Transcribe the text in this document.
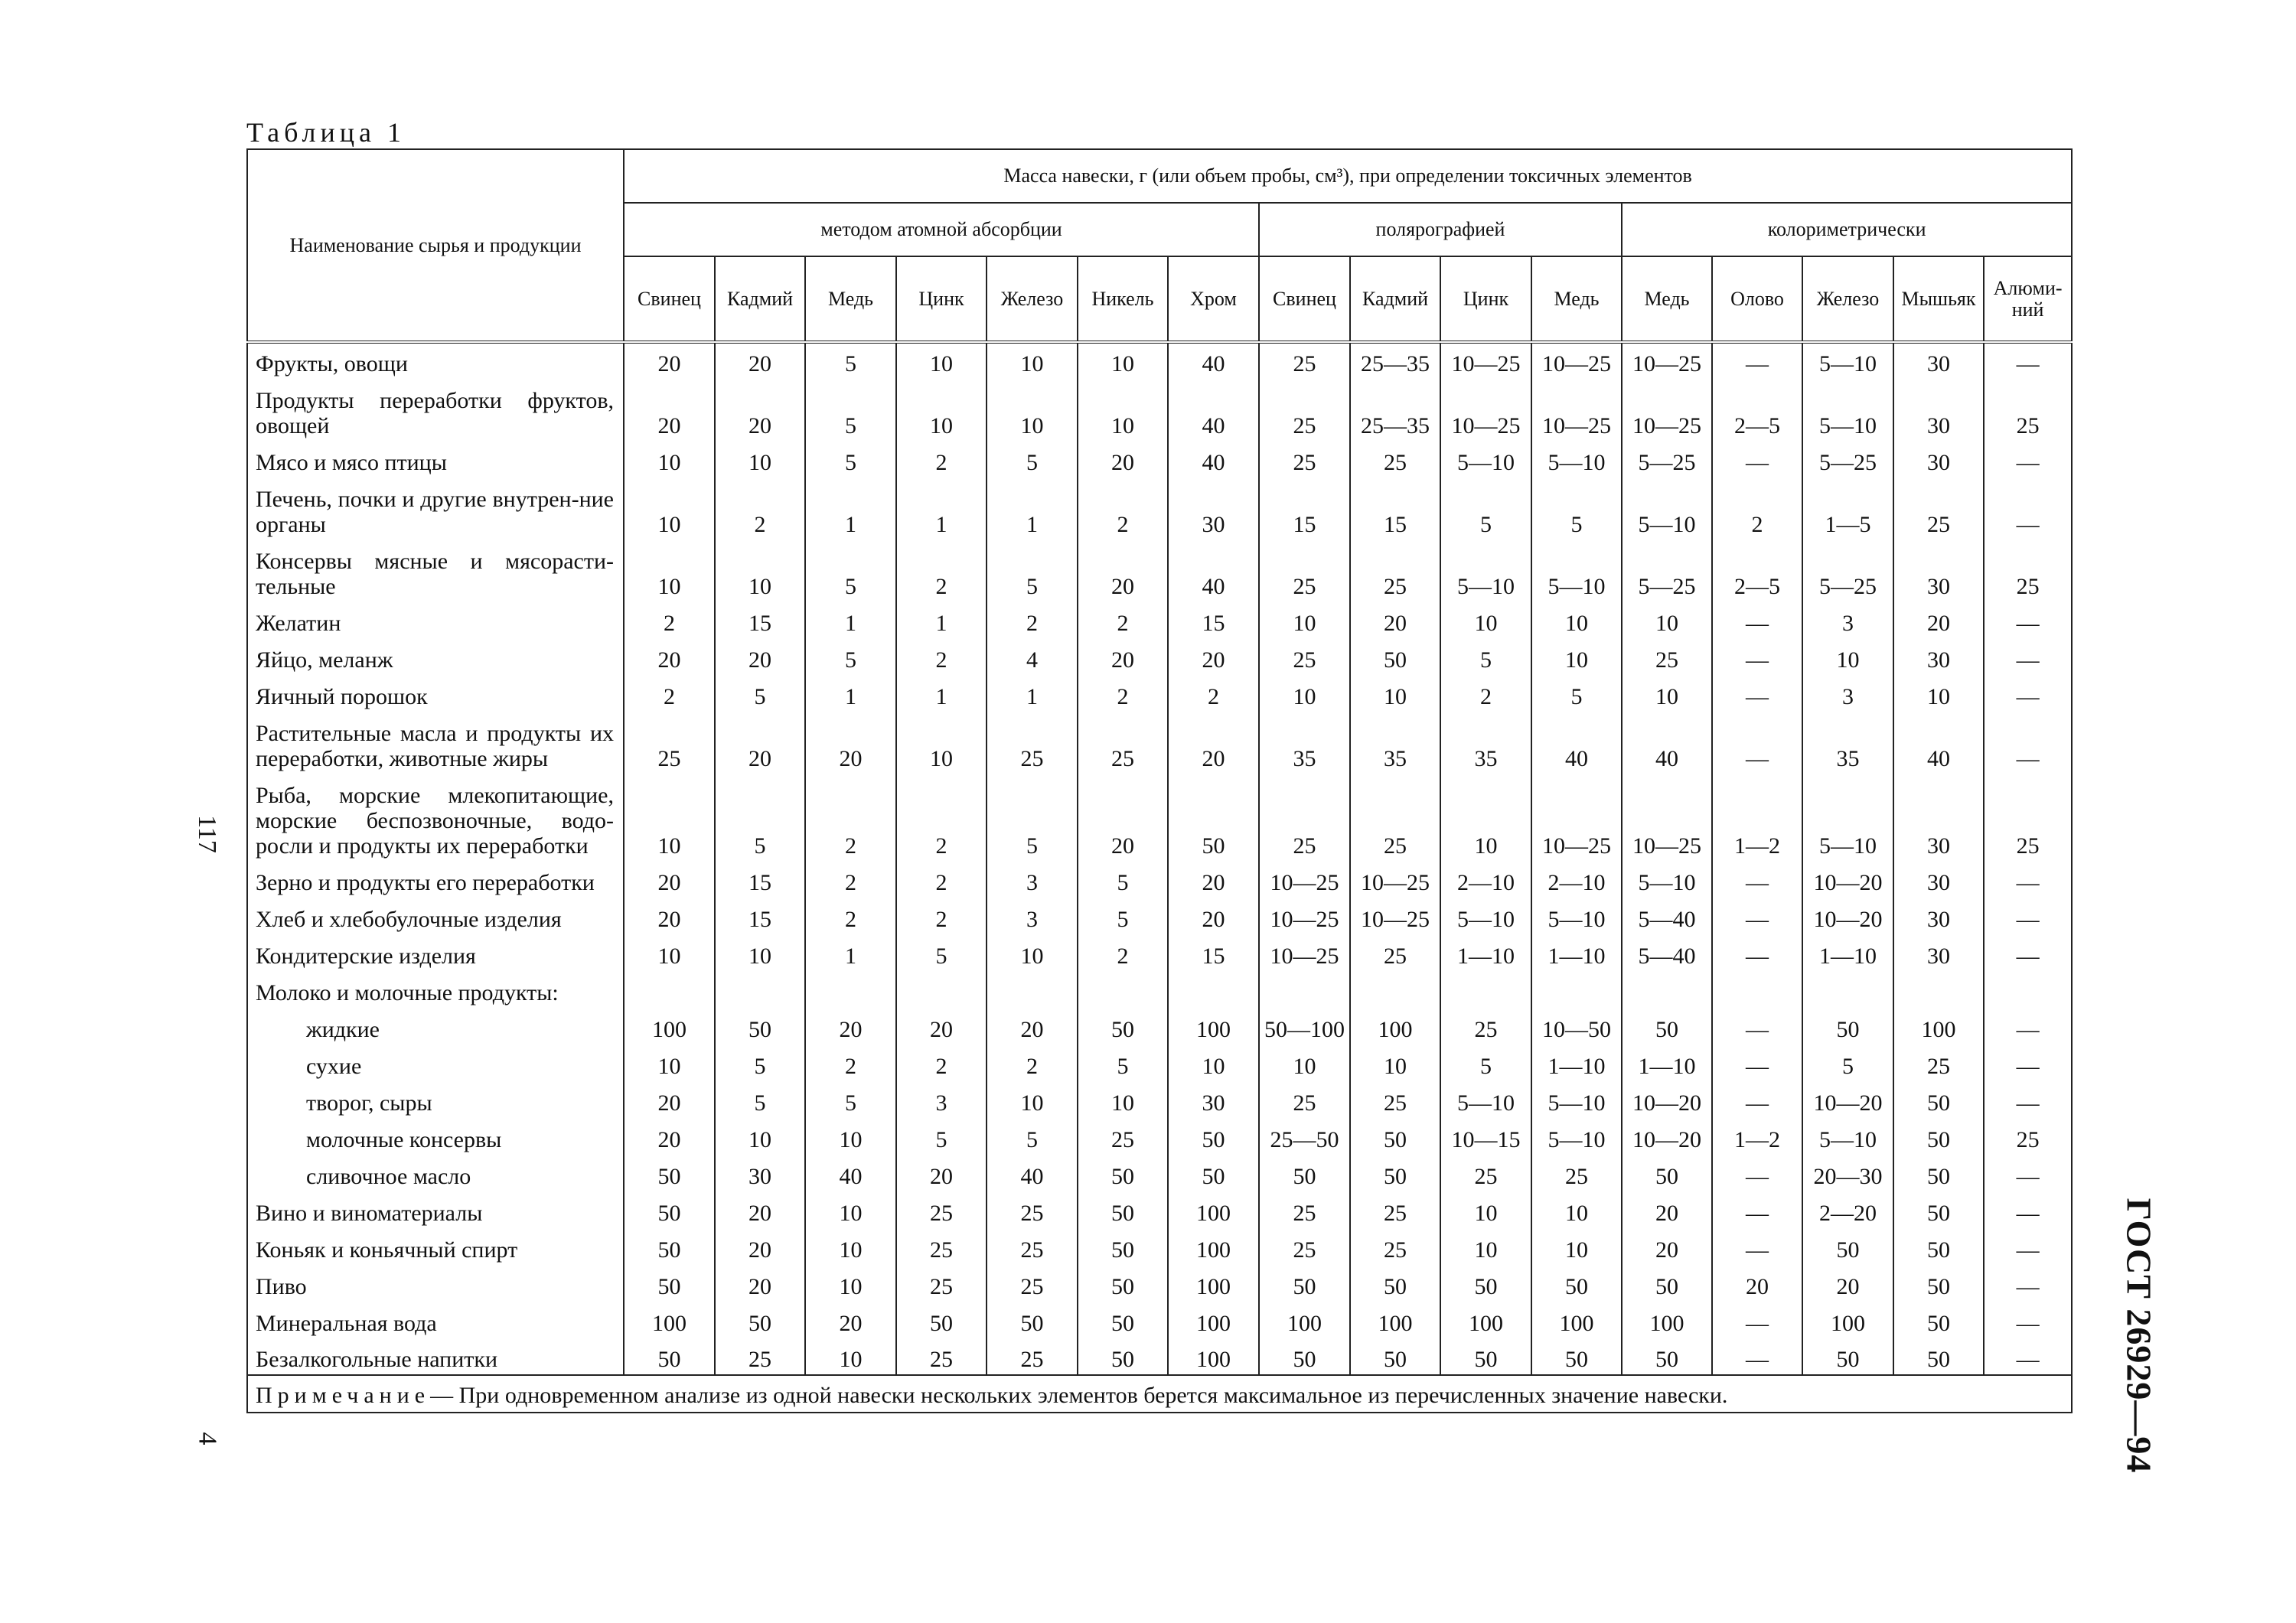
Таблица 1
Наименование сырья и продукции	Масса навески, г (или объем пробы, см³), при определении токсичных элементов															
	методом атомной абсорбции							полярографией				колориметрически				
	Свинец	Кадмий	Медь	Цинк	Железо	Никель	Хром	Свинец	Кадмий	Цинк	Медь	Медь	Олово	Железо	Мышьяк	Алюми-ний
Фрукты, овощи	20	20	5	10	10	10	40	25	25—35	10—25	10—25	10—25	—	5—10	30	—
Продукты переработки фруктов, овощей	20	20	5	10	10	10	40	25	25—35	10—25	10—25	10—25	2—5	5—10	30	25
Мясо и мясо птицы	10	10	5	2	5	20	40	25	25	5—10	5—10	5—25	—	5—25	30	—
Печень, почки и другие внутрен-ние органы	10	2	1	1	1	2	30	15	15	5	5	5—10	2	1—5	25	—
Консервы мясные и мясорасти-тельные	10	10	5	2	5	20	40	25	25	5—10	5—10	5—25	2—5	5—25	30	25
Желатин	2	15	1	1	2	2	15	10	20	10	10	10	—	3	20	—
Яйцо, меланж	20	20	5	2	4	20	20	25	50	5	10	25	—	10	30	—
Яичный порошок	2	5	1	1	1	2	2	10	10	2	5	10	—	3	10	—
Растительные масла и продукты их переработки, животные жиры	25	20	20	10	25	25	20	35	35	35	40	40	—	35	40	—
Рыба, морские млекопитающие, морские беспозвоночные, водо-росли и продукты их переработки	10	5	2	2	5	20	50	25	25	10	10—25	10—25	1—2	5—10	30	25
Зерно и продукты его переработки	20	15	2	2	3	5	20	10—25	10—25	2—10	2—10	5—10	—	10—20	30	—
Хлеб и хлебобулочные изделия	20	15	2	2	3	5	20	10—25	10—25	5—10	5—10	5—40	—	10—20	30	—
Кондитерские изделия	10	10	1	5	10	2	15	10—25	25	1—10	1—10	5—40	—	1—10	30	—
Молоко и молочные продукты:																
жидкие	100	50	20	20	20	50	100	50—100	100	25	10—50	50	—	50	100	—
сухие	10	5	2	2	2	5	10	10	10	5	1—10	1—10	—	5	25	—
творог, сыры	20	5	5	3	10	10	30	25	25	5—10	5—10	10—20	—	10—20	50	—
молочные консервы	20	10	10	5	5	25	50	25—50	50	10—15	5—10	10—20	1—2	5—10	50	25
сливочное масло	50	30	40	20	40	50	50	50	50	25	25	50	—	20—30	50	—
Вино и виноматериалы	50	20	10	25	25	50	100	25	25	10	10	20	—	2—20	50	—
Коньяк и коньячный спирт	50	20	10	25	25	50	100	25	25	10	10	20	—	50	50	—
Пиво	50	20	10	25	25	50	100	50	50	50	50	50	20	20	50	—
Минеральная вода	100	50	20	50	50	50	100	100	100	100	100	100	—	100	50	—
Безалкогольные напитки	50	25	10	25	25	50	100	50	50	50	50	50	—	50	50	—
Примечание— При одновременном анализе из одной навески нескольких элементов берется максимальное из перечисленных значение навески.																
117
4	ГОСТ 26929—94
